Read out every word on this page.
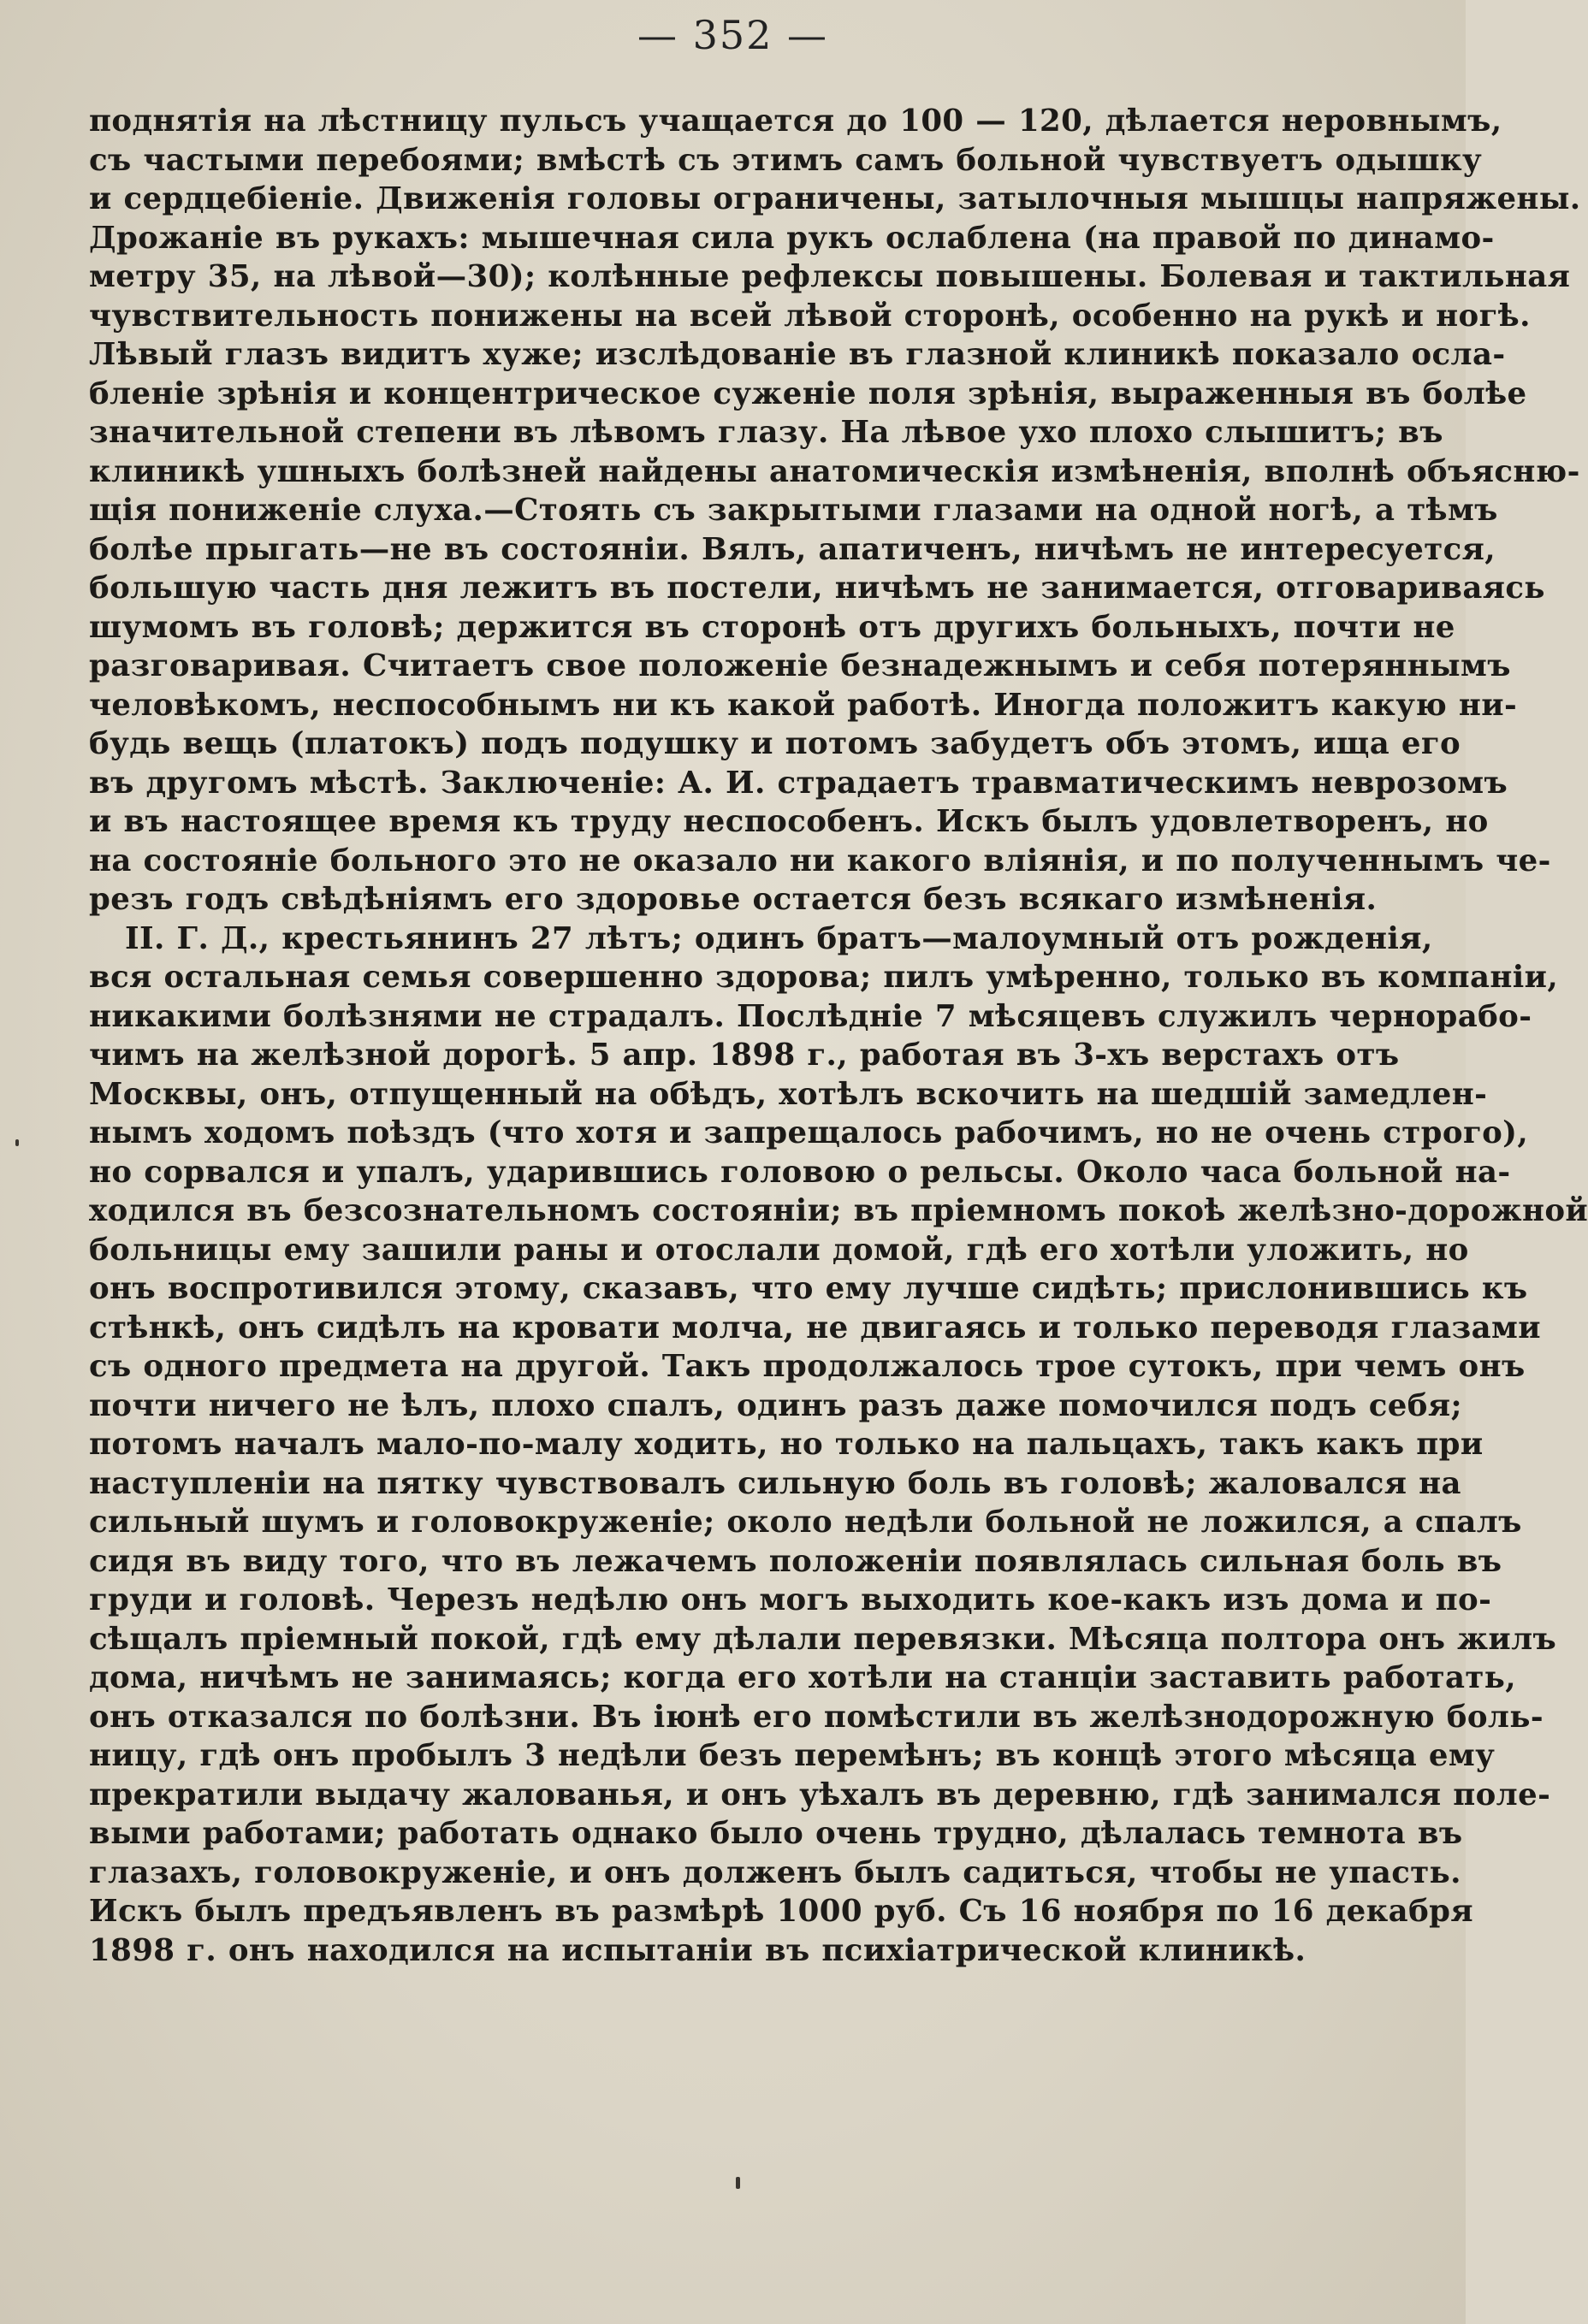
— 352 —
поднятія на лѣстницу пульсъ учащается до 100 — 120, дѣлается неровнымъ,
съ частыми перебоями; вмѣстѣ съ этимъ самъ больной чувствуетъ одышку
и сердцебіеніе. Движенія головы ограничены, затылочныя мышцы напряжены.
Дрожаніе въ рукахъ: мышечная сила рукъ ослаблена (на правой по динамо-
метру 35, на лѣвой—30); колѣнные рефлексы повышены. Болевая и тактильная
чувствительность понижены на всей лѣвой сторонѣ, особенно на рукѣ и ногѣ.
Лѣвый глазъ видитъ хуже; изслѣдованіе въ глазной клиникѣ показало осла-
бленіе зрѣнія и концентрическое суженіе поля зрѣнія, выраженныя въ болѣе
значительной степени въ лѣвомъ глазу. На лѣвое ухо плохо слышитъ; въ
клиникѣ ушныхъ болѣзней найдены анатомическія измѣненія, вполнѣ объясню-
щія пониженіе слуха.—Стоять съ закрытыми глазами на одной ногѣ, а тѣмъ
болѣе прыгать—не въ состояніи. Вялъ, апатиченъ, ничѣмъ не интересуется,
большую часть дня лежитъ въ постели, ничѣмъ не занимается, отговариваясь
шумомъ въ головѣ; держится въ сторонѣ отъ другихъ больныхъ, почти не
разговаривая. Считаетъ свое положеніе безнадежнымъ и себя потеряннымъ
человѣкомъ, неспособнымъ ни къ какой работѣ. Иногда положитъ какую ни-
будь вещь (платокъ) подъ подушку и потомъ забудетъ объ этомъ, ища его
въ другомъ мѣстѣ. Заключеніе: А. И. страдаетъ травматическимъ неврозомъ
и въ настоящее время къ труду неспособенъ. Искъ былъ удовлетворенъ, но
на состояніе больного это не оказало ни какого вліянія, и по полученнымъ че-
резъ годъ свѣдѣніямъ его здоровье остается безъ всякаго измѣненія.
II. Г. Д., крестьянинъ 27 лѣтъ; одинъ братъ—малоумный отъ рожденія,
вся остальная семья совершенно здорова; пилъ умѣренно, только въ компаніи,
никакими болѣзнями не страдалъ. Послѣдніе 7 мѣсяцевъ служилъ чернорабо-
чимъ на желѣзной дорогѣ. 5 апр. 1898 г., работая въ 3-хъ верстахъ отъ
Москвы, онъ, отпущенный на обѣдъ, хотѣлъ вскочить на шедшій замедлен-
нымъ ходомъ поѣздъ (что хотя и запрещалось рабочимъ, но не очень строго),
но сорвался и упалъ, ударившись головою о рельсы. Около часа больной на-
ходился въ безсознательномъ состояніи; въ пріемномъ покоѣ желѣзно-дорожной
больницы ему зашили раны и отослали домой, гдѣ его хотѣли уложить, но
онъ воспротивился этому, сказавъ, что ему лучше сидѣть; прислонившись къ
стѣнкѣ, онъ сидѣлъ на кровати молча, не двигаясь и только переводя глазами
съ одного предмета на другой. Такъ продолжалось трое сутокъ, при чемъ онъ
почти ничего не ѣлъ, плохо спалъ, одинъ разъ даже помочился подъ себя;
потомъ началъ мало-по-малу ходить, но только на пальцахъ, такъ какъ при
наступленіи на пятку чувствовалъ сильную боль въ головѣ; жаловался на
сильный шумъ и головокруженіе; около недѣли больной не ложился, а спалъ
сидя въ виду того, что въ лежачемъ положеніи появлялась сильная боль въ
груди и головѣ. Черезъ недѣлю онъ могъ выходить кое-какъ изъ дома и по-
сѣщалъ пріемный покой, гдѣ ему дѣлали перевязки. Мѣсяца полтора онъ жилъ
дома, ничѣмъ не занимаясь; когда его хотѣли на станціи заставить работать,
онъ отказался по болѣзни. Въ іюнѣ его помѣстили въ желѣзнодорожную боль-
ницу, гдѣ онъ пробылъ 3 недѣли безъ перемѣнъ; въ концѣ этого мѣсяца ему
прекратили выдачу жалованья, и онъ уѣхалъ въ деревню, гдѣ занимался поле-
выми работами; работать однако было очень трудно, дѣлалась темнота въ
глазахъ, головокруженіе, и онъ долженъ былъ садиться, чтобы не упасть.
Искъ былъ предъявленъ въ размѣрѣ 1000 руб. Съ 16 ноября по 16 декабря
1898 г. онъ находился на испытаніи въ психіатрической клиникѣ.
